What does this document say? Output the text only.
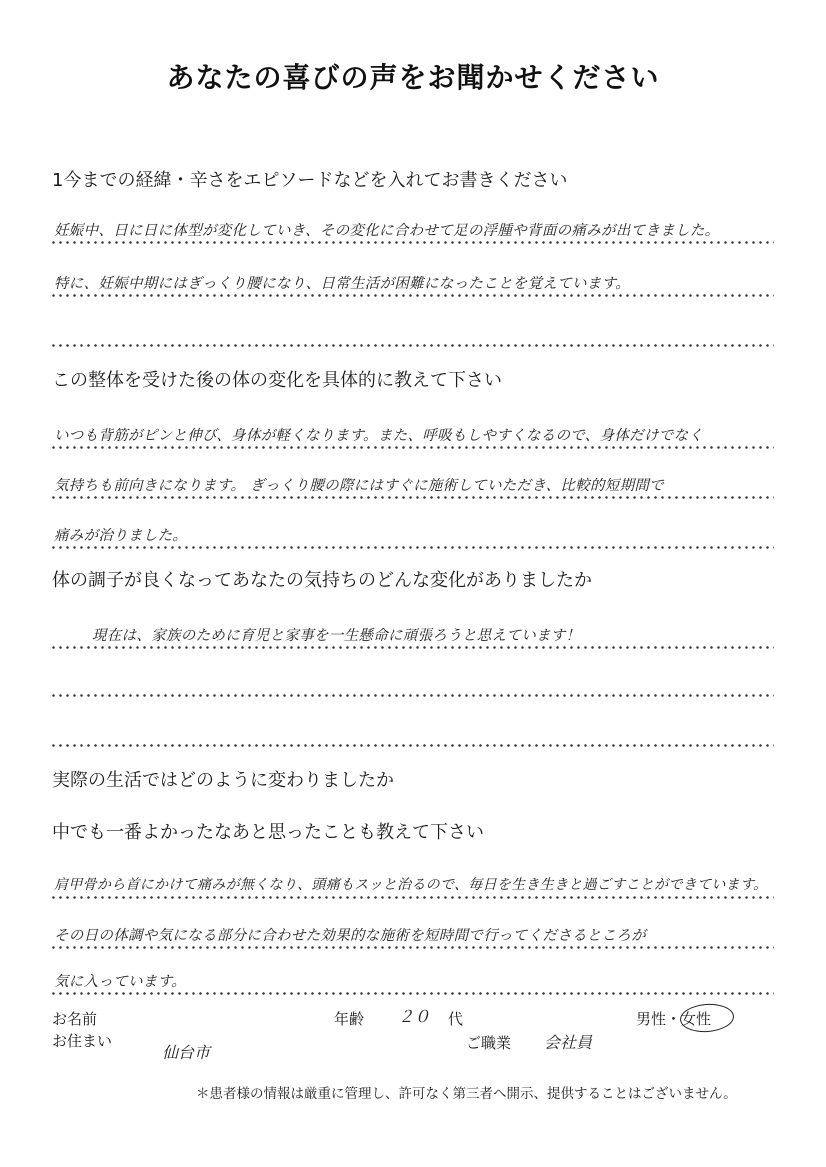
あなたの喜びの声をお聞かせください
1今までの経緯・辛さをエピソードなどを入れてお書きください
妊娠中、日に日に体型が変化していき、その変化に合わせて足の浮腫や背面の痛みが出てきました。
特に、妊娠中期にはぎっくり腰になり、日常生活が困難になったことを覚えています。
この整体を受けた後の体の変化を具体的に教えて下さい
いつも背筋がピンと伸び、身体が軽くなります。また、呼吸もしやすくなるので、身体だけでなく
気持ちも前向きになります。 ぎっくり腰の際にはすぐに施術していただき、比較的短期間で
痛みが治りました。
体の調子が良くなってあなたの気持ちのどんな変化がありましたか
現在は、家族のために育児と家事を一生懸命に頑張ろうと思えています！
実際の生活ではどのように変わりましたか
中でも一番よかったなあと思ったことも教えて下さい
肩甲骨から首にかけて痛みが無くなり、頭痛もスッと治るので、毎日を生き生きと過ごすことができています。
その日の体調や気になる部分に合わせた効果的な施術を短時間で行ってくださるところが
気に入っています。
お名前	年齢 ２０ 代	男性・女性
お住まい
仙台市	ご職業 会社員
＊患者様の情報は厳重に管理し、許可なく第三者へ開示、提供することはございません。
